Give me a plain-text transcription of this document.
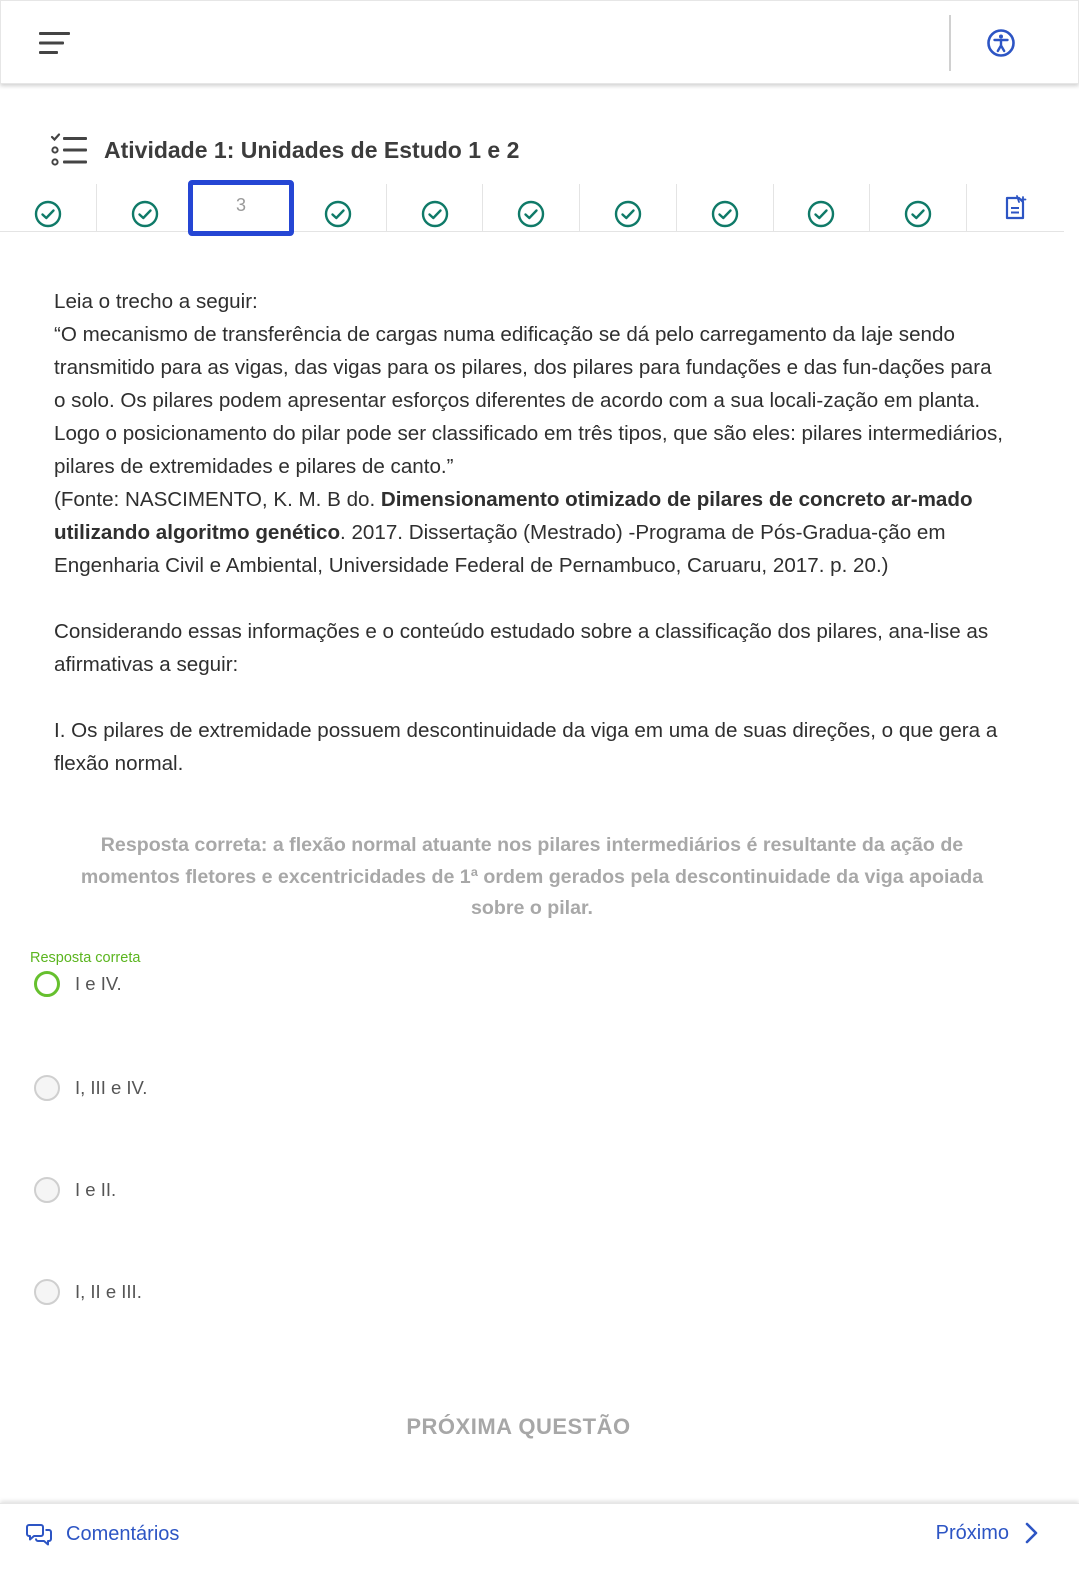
Atividade 1: Unidades de Estudo 1 e 2
3

Leia o trecho a seguir:

“O mecanismo de transferência de cargas numa edificação se dá pelo carregamento da laje sendo transmitido para as vigas, das vigas para os pilares, dos pilares para fundações e das fun-dações para o solo. Os pilares podem apresentar esforços diferentes de acordo com a sua locali-zação em planta. Logo o posicionamento do pilar pode ser classificado em três tipos, que são eles: pilares intermediários, pilares de extremidades e pilares de canto.”

(Fonte: NASCIMENTO, K. M. B do. Dimensionamento otimizado de pilares de concreto ar-mado utilizando algoritmo genético. 2017. Dissertação (Mestrado) -Programa de Pós-Gradua-ção em Engenharia Civil e Ambiental, Universidade Federal de Pernambuco, Caruaru, 2017. p. 20.)

Considerando essas informações e o conteúdo estudado sobre a classificação dos pilares, ana-lise as afirmativas a seguir:

I. Os pilares de extremidade possuem descontinuidade da viga em uma de suas direções, o que gera a flexão normal.

Resposta correta: a flexão normal atuante nos pilares intermediários é resultante da ação de momentos fletores e excentricidades de 1ª ordem gerados pela descontinuidade da viga apoiada sobre o pilar.
Resposta correta
I e IV.
I, III e IV.
I e II.
I, II e III.
PRÓXIMA QUESTÃO
Comentários	Próximo
